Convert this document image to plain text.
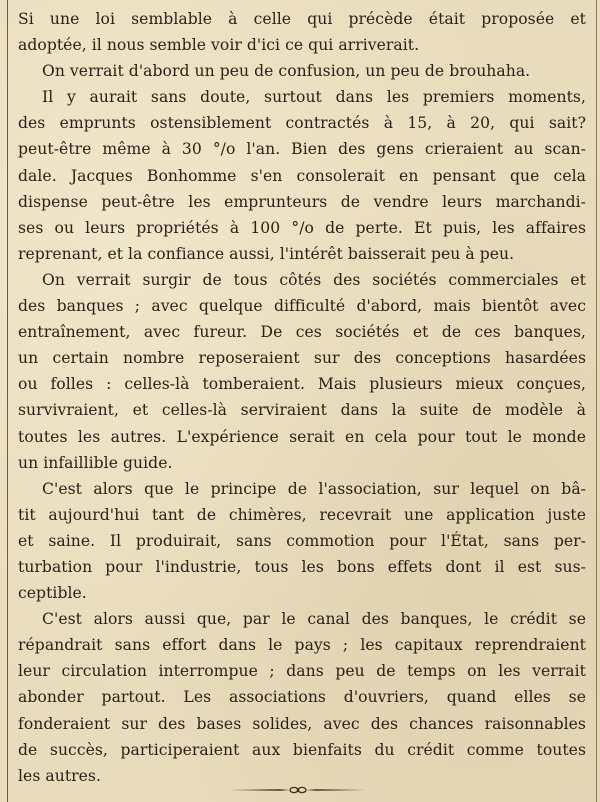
Si une loi semblable à celle qui précède était proposée et
adoptée, il nous semble voir d'ici ce qui arriverait.
On verrait d'abord un peu de confusion, un peu de brouhaha.
Il y aurait sans doute, surtout dans les premiers moments,
des emprunts ostensiblement contractés à 15, à 20, qui sait?
peut-être même à 30 °/o l'an. Bien des gens crieraient au scan-
dale. Jacques Bonhomme s'en consolerait en pensant que cela
dispense peut-être les emprunteurs de vendre leurs marchandi-
ses ou leurs propriétés à 100 °/o de perte. Et puis, les affaires
reprenant, et la confiance aussi, l'intérêt baisserait peu à peu.
On verrait surgir de tous côtés des sociétés commerciales et
des banques ; avec quelque difficulté d'abord, mais bientôt avec
entraînement, avec fureur. De ces sociétés et de ces banques,
un certain nombre reposeraient sur des conceptions hasardées
ou folles : celles-là tomberaient. Mais plusieurs mieux conçues,
survivraient, et celles-là serviraient dans la suite de modèle à
toutes les autres. L'expérience serait en cela pour tout le monde
un infaillible guide.
C'est alors que le principe de l'association, sur lequel on bâ-
tit aujourd'hui tant de chimères, recevrait une application juste
et saine. Il produirait, sans commotion pour l'État, sans per-
turbation pour l'industrie, tous les bons effets dont il est sus-
ceptible.
C'est alors aussi que, par le canal des banques, le crédit se
répandrait sans effort dans le pays ; les capitaux reprendraient
leur circulation interrompue ; dans peu de temps on les verrait
abonder partout. Les associations d'ouvriers, quand elles se
fonderaient sur des bases solides, avec des chances raisonnables
de succès, participeraient aux bienfaits du crédit comme toutes
les autres.
